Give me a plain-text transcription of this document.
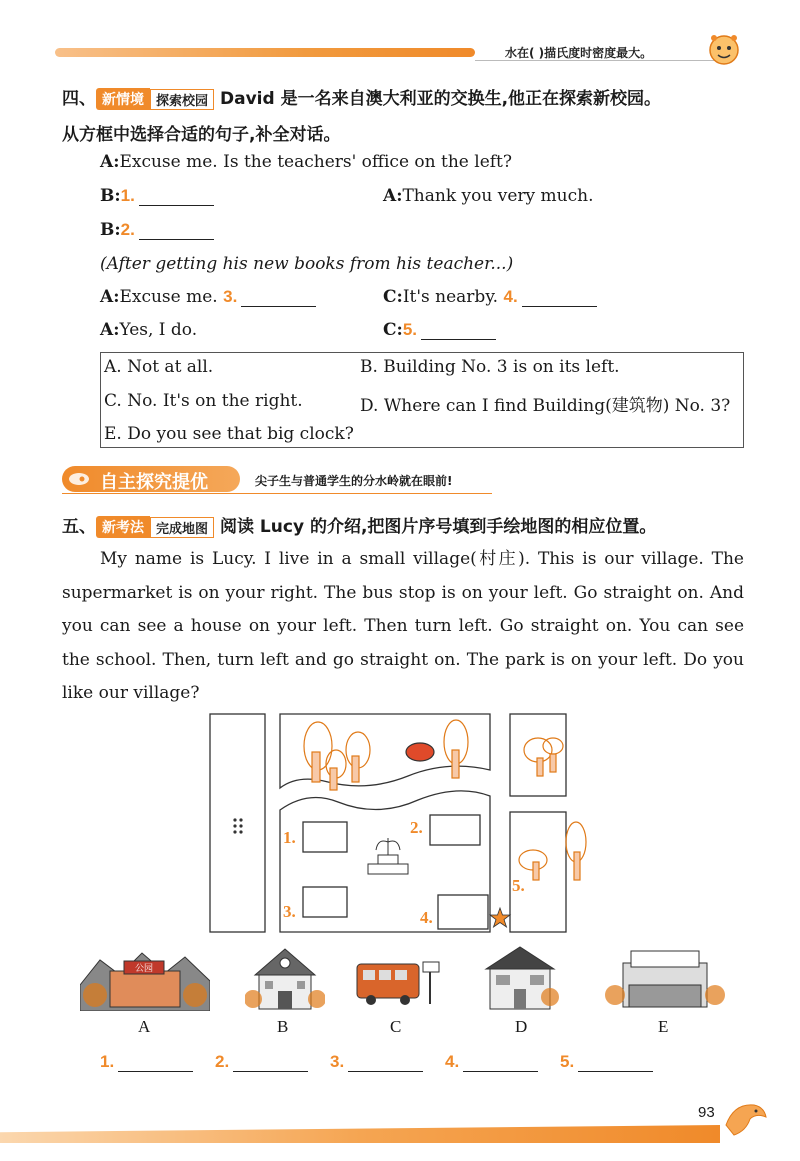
水在( )描氏度时密度最大。
四、 新情境 探索校园 David 是一名来自澳大利亚的交换生,他正在探索新校园。
从方框中选择合适的句子,补全对话。
A:Excuse me. Is the teachers' office on the left?
B:1.	A:Thank you very much.
B:2.
(After getting his new books from his teacher...)
A:Excuse me. 3.	C:It's nearby. 4.
A:Yes, I do.	C:5.
A. Not at all.	B. Building No. 3 is on its left.
C. No. It's on the right.	D. Where can I find Building(建筑物) No. 3?
E. Do you see that big clock?
自主探究提优	尖子生与普通学生的分水岭就在眼前!
五、 新考法 完成地图 阅读 Lucy 的介绍,把图片序号填到手绘地图的相应位置。
My name is Lucy. I live in a small village(村庄). This is our village. The supermarket is on your right. The bus stop is on your left. Go straight on. And you can see a house on your left. Then turn left. Go straight on. You can see the school. Then, turn left and go straight on. The park is on your left. Do you like our village?
1.
2.
3.	4.
5.
公园
A	B	C	D	E
1.	2.	3.	4.	5.
93
